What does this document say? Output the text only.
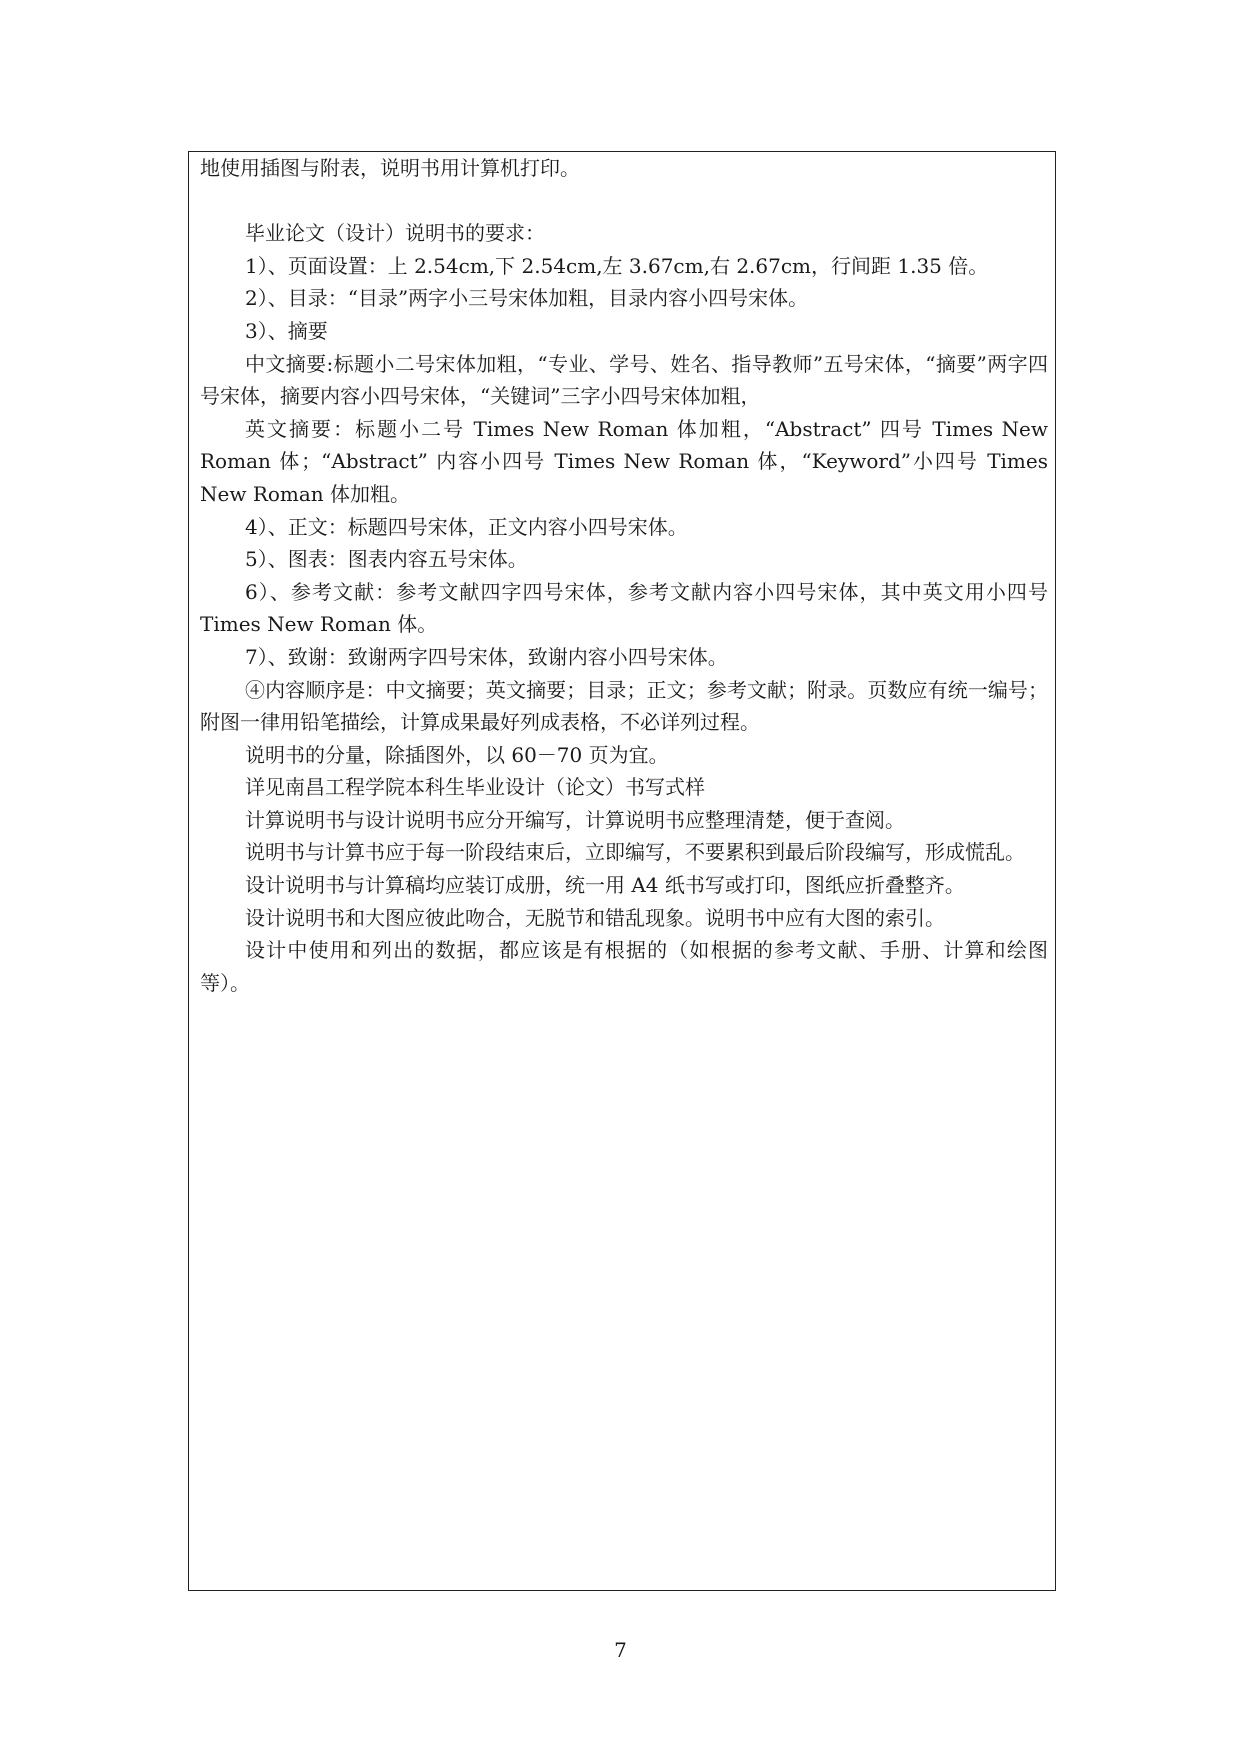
地使用插图与附表，说明书用计算机打印。

毕业论文（设计）说明书的要求：

1）、页面设置：上 2.54cm,下 2.54cm,左 3.67cm,右 2.67cm，行间距 1.35 倍。

2）、目录：“目录”两字小三号宋体加粗，目录内容小四号宋体。

3）、摘要

中文摘要:标题小二号宋体加粗，“专业、学号、姓名、指导教师”五号宋体，“摘要”两字四号宋体，摘要内容小四号宋体，“关键词”三字小四号宋体加粗，

英文摘要：标题小二号 Times New Roman 体加粗，“Abstract” 四号 Times New Roman 体；“Abstract” 内容小四号 Times New Roman 体，“Keyword”小四号 Times New Roman 体加粗。

4）、正文：标题四号宋体，正文内容小四号宋体。

5）、图表：图表内容五号宋体。

6）、参考文献：参考文献四字四号宋体，参考文献内容小四号宋体，其中英文用小四号 Times New Roman 体。

7）、致谢：致谢两字四号宋体，致谢内容小四号宋体。

④内容顺序是：中文摘要；英文摘要；目录；正文；参考文献；附录。页数应有统一编号；附图一律用铅笔描绘，计算成果最好列成表格，不必详列过程。

说明书的分量，除插图外，以 60－70 页为宜。

详见南昌工程学院本科生毕业设计（论文）书写式样

计算说明书与设计说明书应分开编写，计算说明书应整理清楚，便于查阅。

说明书与计算书应于每一阶段结束后，立即编写，不要累积到最后阶段编写，形成慌乱。

设计说明书与计算稿均应装订成册，统一用 A4 纸书写或打印，图纸应折叠整齐。

设计说明书和大图应彼此吻合，无脱节和错乱现象。说明书中应有大图的索引。

设计中使用和列出的数据，都应该是有根据的（如根据的参考文献、手册、计算和绘图等）。

7
